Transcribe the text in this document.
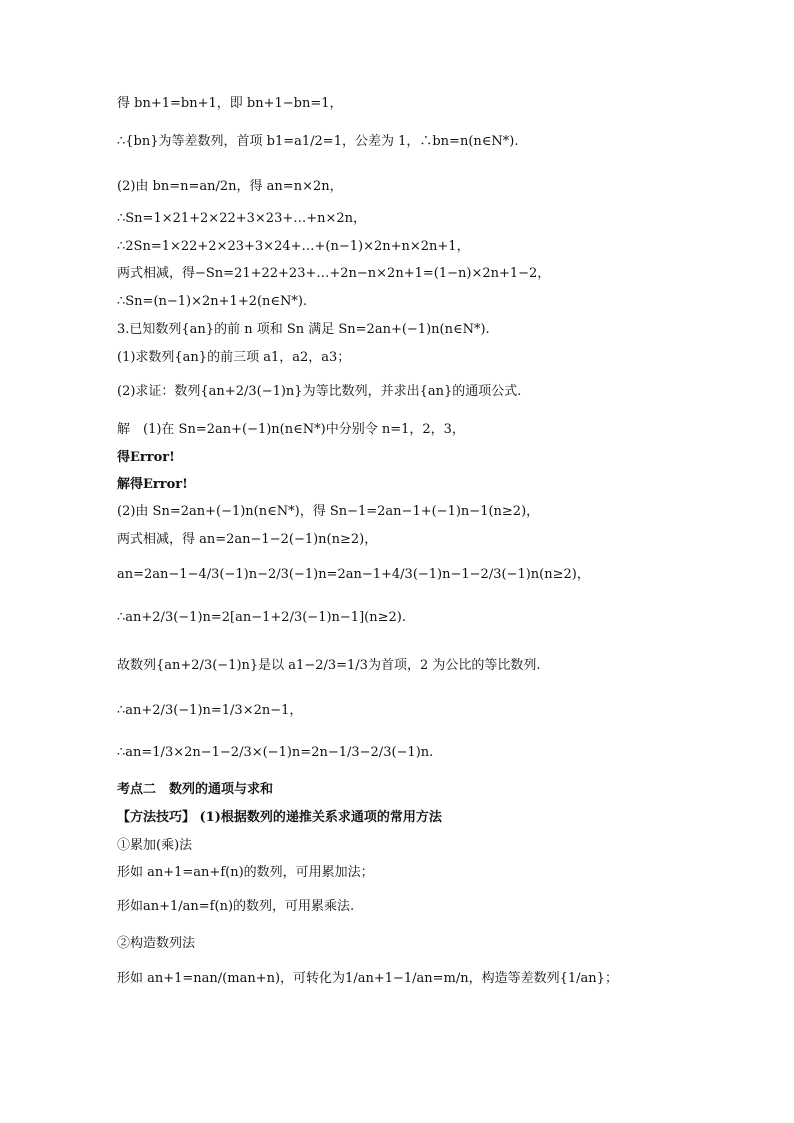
得 bn+1=bn+1，即 bn+1−bn=1，
∴{bn}为等差数列，首项 b1=a1/2=1，公差为 1，∴bn=n(n∈N*).
(2)由 bn=n=an/2n，得 an=n×2n，
∴Sn=1×21+2×22+3×23+…+n×2n，
∴2Sn=1×22+2×23+3×24+…+(n−1)×2n+n×2n+1，
两式相减，得−Sn=21+22+23+…+2n−n×2n+1=(1−n)×2n+1−2，
∴Sn=(n−1)×2n+1+2(n∈N*).
3.已知数列{an}的前 n 项和 Sn 满足 Sn=2an+(−1)n(n∈N*).
(1)求数列{an}的前三项 a1，a2，a3；
(2)求证：数列{an+2/3(−1)n}为等比数列，并求出{an}的通项公式.
解　(1)在 Sn=2an+(−1)n(n∈N*)中分别令 n=1，2，3，
得Error!
解得Error!
(2)由 Sn=2an+(−1)n(n∈N*)，得 Sn−1=2an−1+(−1)n−1(n≥2)，
两式相减，得 an=2an−1−2(−1)n(n≥2)，
an=2an−1−4/3(−1)n−2/3(−1)n=2an−1+4/3(−1)n−1−2/3(−1)n(n≥2)，
∴an+2/3(−1)n=2[an−1+2/3(−1)n−1](n≥2).
故数列{an+2/3(−1)n}是以 a1−2/3=1/3为首项，2 为公比的等比数列.
∴an+2/3(−1)n=1/3×2n−1，
∴an=1/3×2n−1−2/3×(−1)n=2n−1/3−2/3(−1)n.
考点二　数列的通项与求和
【方法技巧】 (1)根据数列的递推关系求通项的常用方法
①累加(乘)法
形如 an+1=an+f(n)的数列，可用累加法；
形如an+1/an=f(n)的数列，可用累乘法.
②构造数列法
形如 an+1=nan/(man+n)，可转化为1/an+1−1/an=m/n，构造等差数列{1/an}；
